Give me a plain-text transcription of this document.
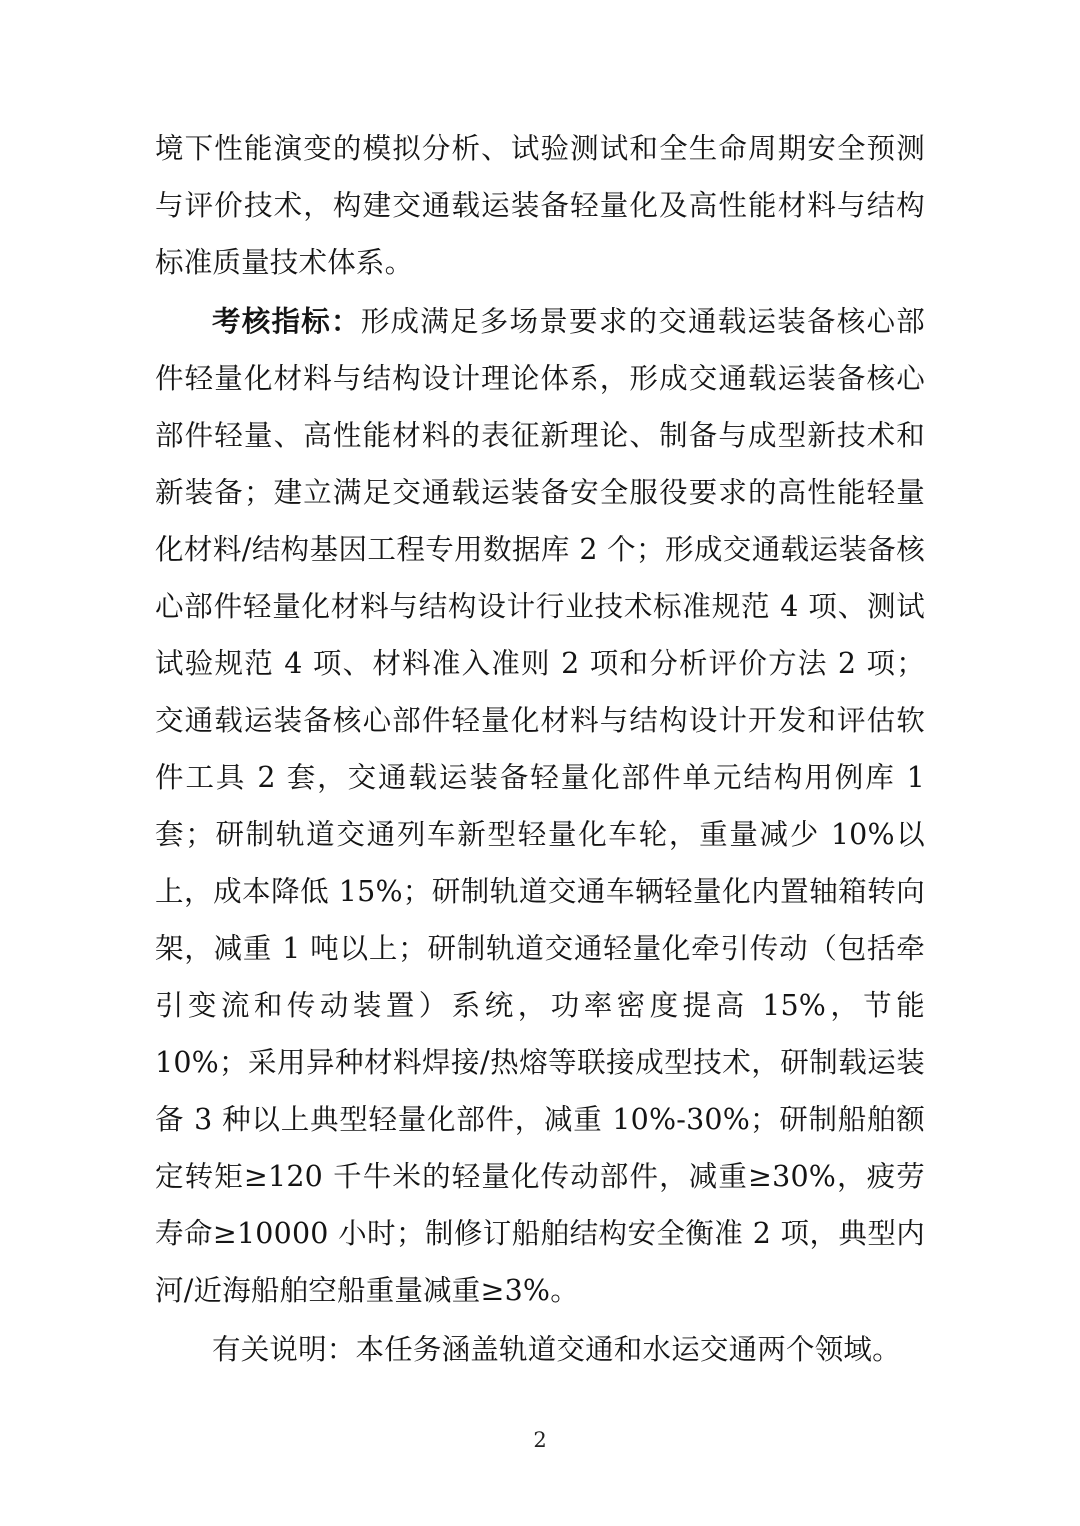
境下性能演变的模拟分析、试验测试和全生命周期安全预测与评价技术，构建交通载运装备轻量化及高性能材料与结构标准质量技术体系。

考核指标：形成满足多场景要求的交通载运装备核心部件轻量化材料与结构设计理论体系，形成交通载运装备核心部件轻量、高性能材料的表征新理论、制备与成型新技术和新装备；建立满足交通载运装备安全服役要求的高性能轻量化材料/结构基因工程专用数据库 2 个；形成交通载运装备核心部件轻量化材料与结构设计行业技术标准规范 4 项、测试试验规范 4 项、材料准入准则 2 项和分析评价方法 2 项；交通载运装备核心部件轻量化材料与结构设计开发和评估软件工具 2 套，交通载运装备轻量化部件单元结构用例库 1 套；研制轨道交通列车新型轻量化车轮，重量减少 10%以上，成本降低 15%；研制轨道交通车辆轻量化内置轴箱转向架，减重 1 吨以上；研制轨道交通轻量化牵引传动（包括牵引变流和传动装置）系统，功率密度提高 15%，节能 10%；采用异种材料焊接/热熔等联接成型技术，研制载运装备 3 种以上典型轻量化部件，减重 10%-30%；研制船舶额定转矩≥120 千牛米的轻量化传动部件，减重≥30%，疲劳寿命≥10000 小时；制修订船舶结构安全衡准 2 项，典型内河/近海船舶空船重量减重≥3%。

有关说明：本任务涵盖轨道交通和水运交通两个领域。

2
